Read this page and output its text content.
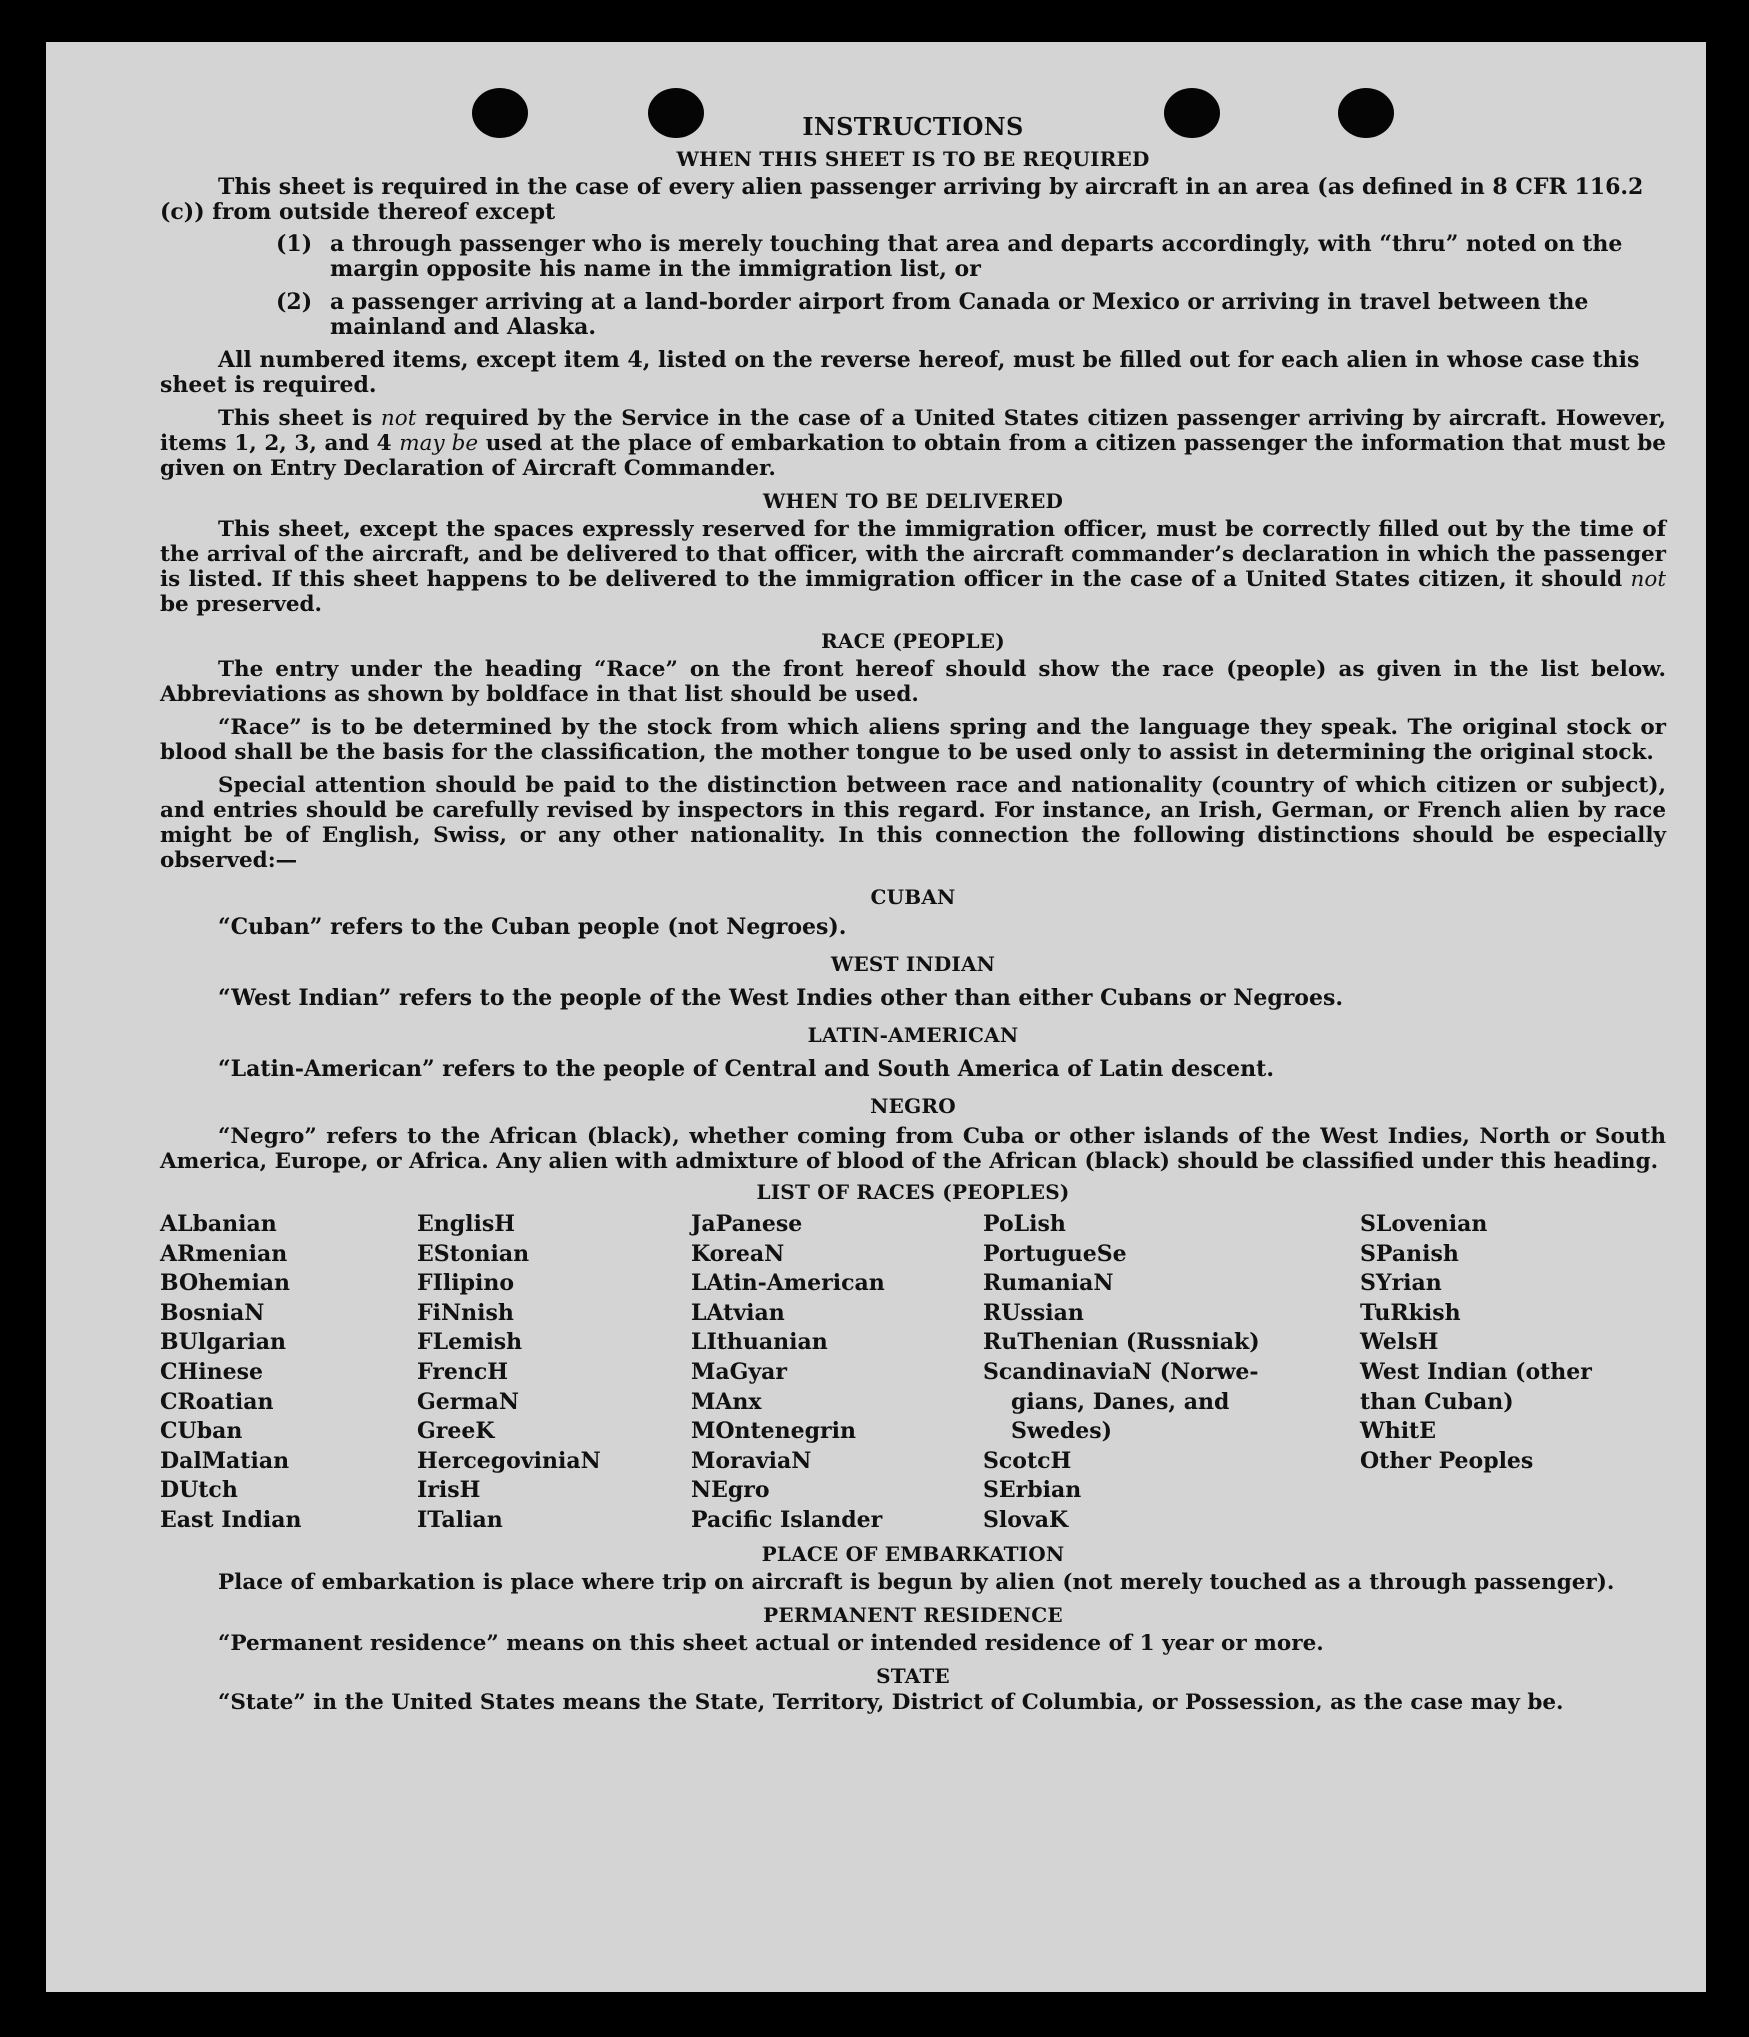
INSTRUCTIONS
WHEN THIS SHEET IS TO BE REQUIRED

This sheet is required in the case of every alien passenger arriving by aircraft in an area (as defined in 8 CFR 116.2 (c)) from outside thereof except

(1) a through passenger who is merely touching that area and departs accordingly, with “thru” noted on the margin opposite his name in the immigration list, or
(2) a passenger arriving at a land-border airport from Canada or Mexico or arriving in travel between the mainland and Alaska.

All numbered items, except item 4, listed on the reverse hereof, must be filled out for each alien in whose case this sheet is required.

This sheet is not required by the Service in the case of a United States citizen passenger arriving by aircraft. However, items 1, 2, 3, and 4 may be used at the place of embarkation to obtain from a citizen passenger the information that must be given on Entry Declaration of Aircraft Commander.

WHEN TO BE DELIVERED

This sheet, except the spaces expressly reserved for the immigration officer, must be correctly filled out by the time of the arrival of the aircraft, and be delivered to that officer, with the aircraft commander’s declaration in which the passenger is listed. If this sheet happens to be delivered to the immigration officer in the case of a United States citizen, it should not be preserved.

RACE (PEOPLE)

The entry under the heading “Race” on the front hereof should show the race (people) as given in the list below. Abbreviations as shown by boldface in that list should be used.

“Race” is to be determined by the stock from which aliens spring and the language they speak. The original stock or blood shall be the basis for the classification, the mother tongue to be used only to assist in determining the original stock.

Special attention should be paid to the distinction between race and nationality (country of which citizen or subject), and entries should be carefully revised by inspectors in this regard. For instance, an Irish, German, or French alien by race might be of English, Swiss, or any other nationality. In this connection the following distinctions should be especially observed:—

CUBAN

“Cuban” refers to the Cuban people (not Negroes).

WEST INDIAN

“West Indian” refers to the people of the West Indies other than either Cubans or Negroes.

LATIN-AMERICAN

“Latin-American” refers to the people of Central and South America of Latin descent.

NEGRO

“Negro” refers to the African (black), whether coming from Cuba or other islands of the West Indies, North or South America, Europe, or Africa. Any alien with admixture of blood of the African (black) should be classified under this heading.

LIST OF RACES (PEOPLES)
ALbanian
ARmenian
BOhemian
BosniaN
BUlgarian
CHinese
CRoatian
CUban
DalMatian
DUtch
East Indian
EnglisH
EStonian
FIlipino
FiNnish
FLemish
FrencH
GermaN
GreeK
HercegoviniaN
IrisH
ITalian
JaPanese
KoreaN
LAtin-American
LAtvian
LIthuanian
MaGyar
MAnx
MOntenegrin
MoraviaN
NEgro
Pacific Islander
PoLish
PortugueSe
RumaniaN
RUssian
RuThenian (Russniak)
ScandinaviaN (Norwe-
gians, Danes, and
Swedes)
ScotcH
SErbian
SlovaK
SLovenian
SPanish
SYrian
TuRkish
WelsH
West Indian (other
than Cuban)
WhitE
Other Peoples
PLACE OF EMBARKATION

Place of embarkation is place where trip on aircraft is begun by alien (not merely touched as a through passenger).

PERMANENT RESIDENCE

“Permanent residence” means on this sheet actual or intended residence of 1 year or more.

STATE

“State” in the United States means the State, Territory, District of Columbia, or Possession, as the case may be.
